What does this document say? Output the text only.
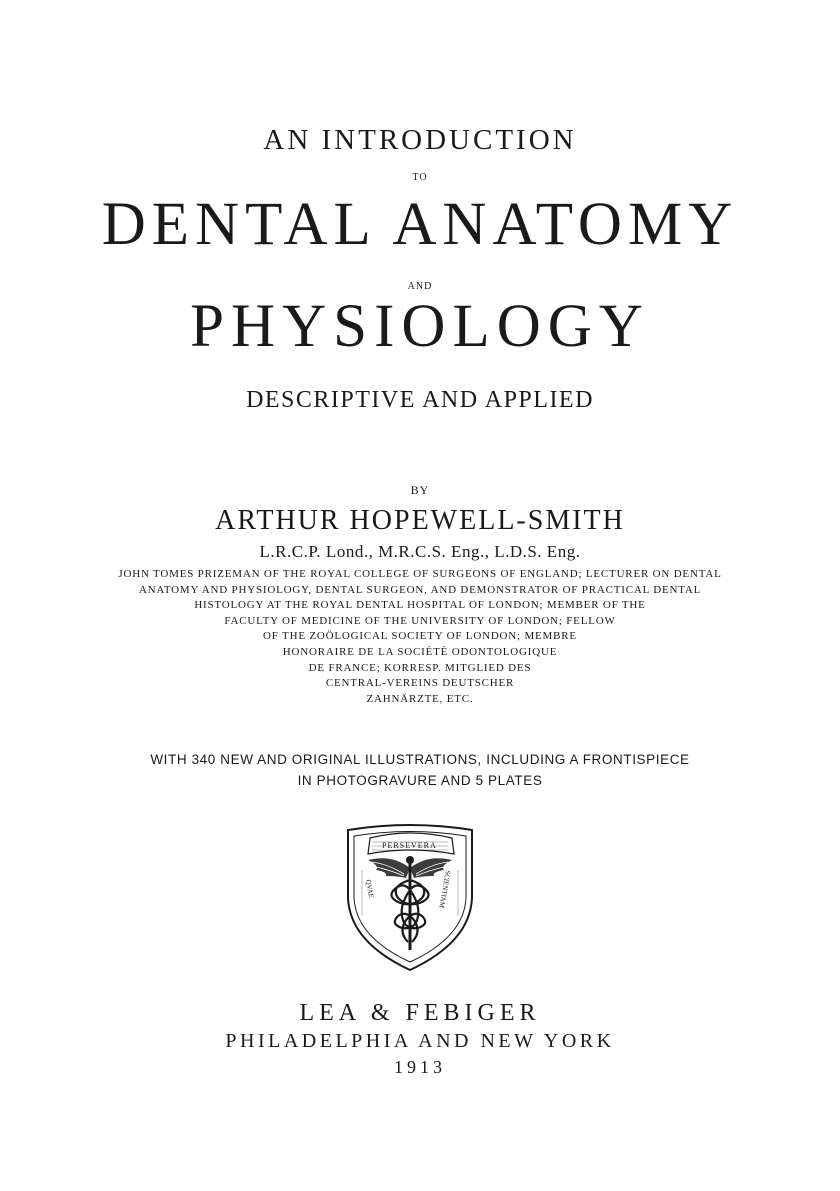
AN INTRODUCTION

TO

DENTAL ANATOMY

AND

PHYSIOLOGY

DESCRIPTIVE AND APPLIED

BY

ARTHUR HOPEWELL-SMITH

L.R.C.P. Lond., M.R.C.S. Eng., L.D.S. Eng.

JOHN TOMES PRIZEMAN OF THE ROYAL COLLEGE OF SURGEONS OF ENGLAND; LECTURER ON DENTAL
ANATOMY AND PHYSIOLOGY, DENTAL SURGEON, AND DEMONSTRATOR OF PRACTICAL DENTAL
HISTOLOGY AT THE ROYAL DENTAL HOSPITAL OF LONDON; MEMBER OF THE
FACULTY OF MEDICINE OF THE UNIVERSITY OF LONDON; FELLOW
OF THE ZOÖLOGICAL SOCIETY OF LONDON; MEMBRE
HONORAIRE DE LA SOCIÉTÉ ODONTOLOGIQUE
DE FRANCE; KORRESP. MITGLIED DES
CENTRAL-VEREINS DEUTSCHER
ZAHNÄRZTE, ETC.

WITH 340 NEW AND ORIGINAL ILLUSTRATIONS, INCLUDING A FRONTISPIECE

IN PHOTOGRAVURE AND 5 PLATES

QVAE	SCIENTIAM
PERSEVERA

LEA & FEBIGER

PHILADELPHIA AND NEW YORK

1913
